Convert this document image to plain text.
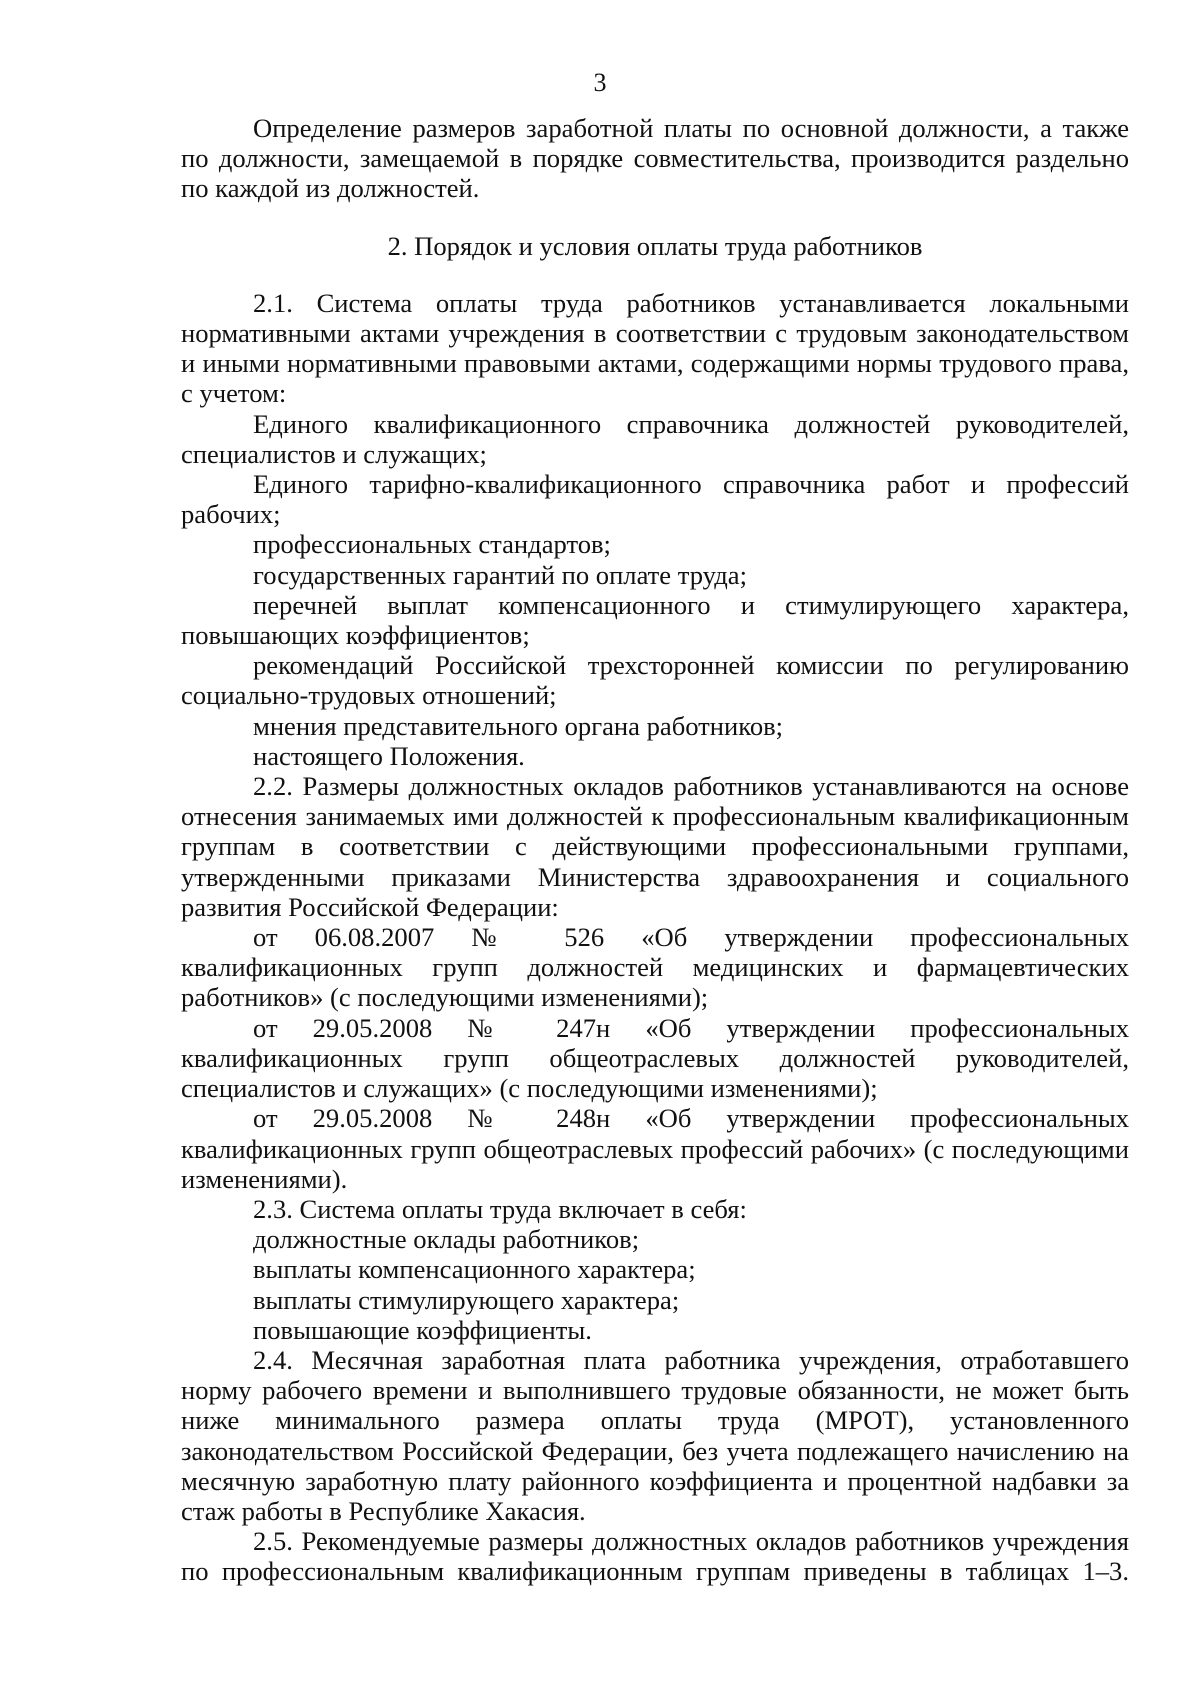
3

Определение размеров заработной платы по основной должности, а также по должности, замещаемой в порядке совместительства, производится раздельно по каждой из должностей.

2. Порядок и условия оплаты труда работников

2.1. Система оплаты труда работников устанавливается локальными нормативными актами учреждения в соответствии с трудовым законодательством и иными нормативными правовыми актами, содержащими нормы трудового права, с учетом:

Единого квалификационного справочника должностей руководителей, специалистов и служащих;

Единого тарифно-квалификационного справочника работ и профессий рабочих;

профессиональных стандартов;

государственных гарантий по оплате труда;

перечней выплат компенсационного и стимулирующего характера, повышающих коэффициентов;

рекомендаций Российской трехсторонней комиссии по регулированию социально-трудовых отношений;

мнения представительного органа работников;

настоящего Положения.

2.2. Размеры должностных окладов работников устанавливаются на основе отнесения занимаемых ими должностей к профессиональным квалификационным группам в соответствии с действующими профессиональными группами, утвержденными приказами Министерства здравоохранения и социального развития Российской Федерации:

от 06.08.2007 № 526 «Об утверждении профессиональных квалификационных групп должностей медицинских и фармацевтических работников» (с последующими изменениями);

от 29.05.2008 № 247н «Об утверждении профессиональных квалификационных групп общеотраслевых должностей руководителей, специалистов и служащих» (с последующими изменениями);

от 29.05.2008 № 248н «Об утверждении профессиональных квалификационных групп общеотраслевых профессий рабочих» (с последующими изменениями).

2.3. Система оплаты труда включает в себя:

должностные оклады работников;

выплаты компенсационного характера;

выплаты стимулирующего характера;

повышающие коэффициенты.

2.4. Месячная заработная плата работника учреждения, отработавшего норму рабочего времени и выполнившего трудовые обязанности, не может быть ниже минимального размера оплаты труда (МРОТ), установленного законодательством Российской Федерации, без учета подлежащего начислению на месячную заработную плату районного коэффициента и процентной надбавки за стаж работы в Республике Хакасия.

2.5. Рекомендуемые размеры должностных окладов работников учреждения по профессиональным квалификационным группам приведены в таблицах 1–3.
